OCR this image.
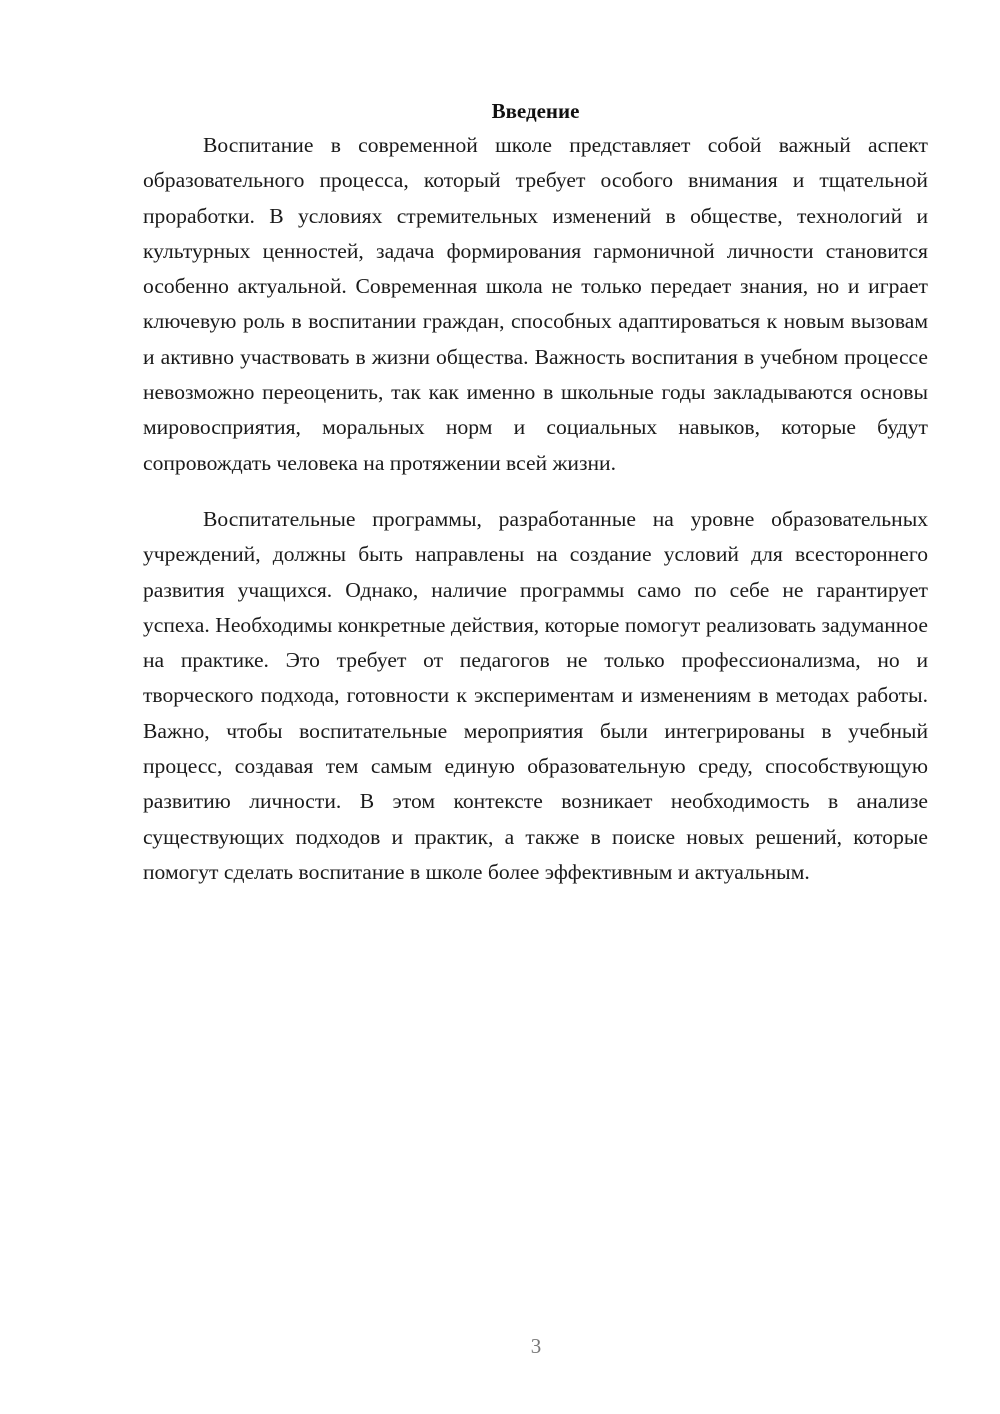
Введение

Воспитание в современной школе представляет собой важный аспект образовательного процесса, который требует особого внимания и тщательной проработки. В условиях стремительных изменений в обществе, технологий и культурных ценностей, задача формирования гармоничной личности становится особенно актуальной. Современная школа не только передает знания, но и играет ключевую роль в воспитании граждан, способных адаптироваться к новым вызовам и активно участвовать в жизни общества. Важность воспитания в учебном процессе невозможно переоценить, так как именно в школьные годы закладываются основы мировосприятия, моральных норм и социальных навыков, которые будут сопровождать человека на протяжении всей жизни.

Воспитательные программы, разработанные на уровне образовательных учреждений, должны быть направлены на создание условий для всестороннего развития учащихся. Однако, наличие программы само по себе не гарантирует успеха. Необходимы конкретные действия, которые помогут реализовать задуманное на практике. Это требует от педагогов не только профессионализма, но и творческого подхода, готовности к экспериментам и изменениям в методах работы. Важно, чтобы воспитательные мероприятия были интегрированы в учебный процесс, создавая тем самым единую образовательную среду, способствующую развитию личности. В этом контексте возникает необходимость в анализе существующих подходов и практик, а также в поиске новых решений, которые помогут сделать воспитание в школе более эффективным и актуальным.

3
